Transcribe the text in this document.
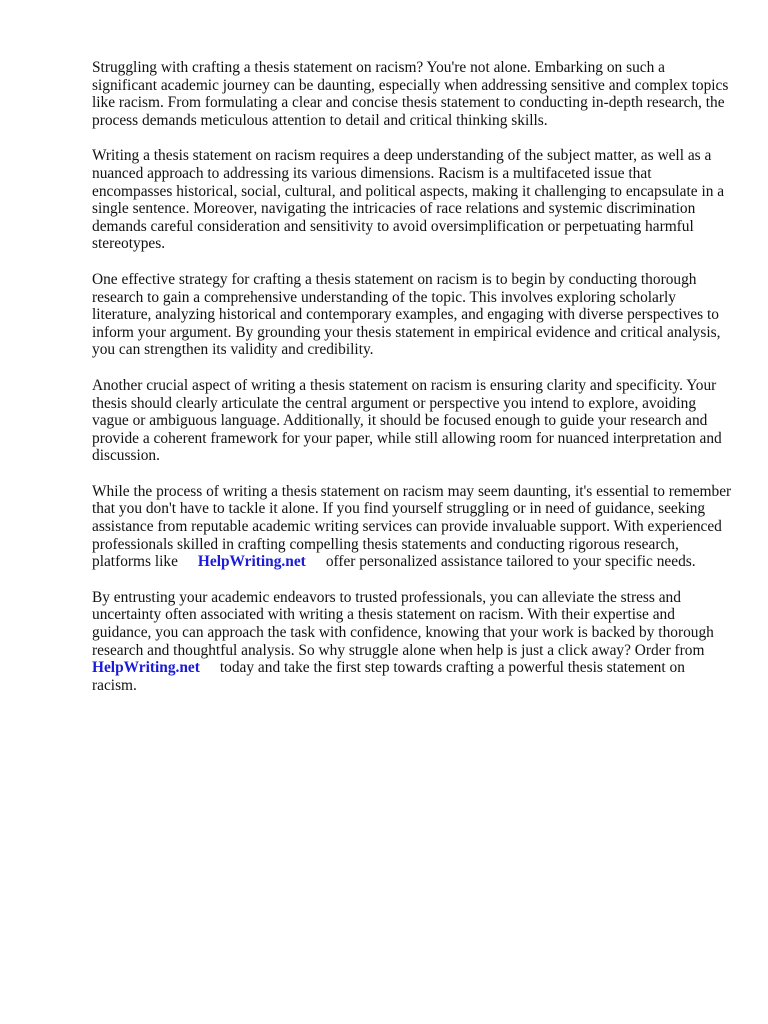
Struggling with crafting a thesis statement on racism? You're not alone. Embarking on such a significant academic journey can be daunting, especially when addressing sensitive and complex topics like racism. From formulating a clear and concise thesis statement to conducting in-depth research, the process demands meticulous attention to detail and critical thinking skills.

Writing a thesis statement on racism requires a deep understanding of the subject matter, as well as a nuanced approach to addressing its various dimensions. Racism is a multifaceted issue that encompasses historical, social, cultural, and political aspects, making it challenging to encapsulate in a single sentence. Moreover, navigating the intricacies of race relations and systemic discrimination demands careful consideration and sensitivity to avoid oversimplification or perpetuating harmful stereotypes.

One effective strategy for crafting a thesis statement on racism is to begin by conducting thorough research to gain a comprehensive understanding of the topic. This involves exploring scholarly literature, analyzing historical and contemporary examples, and engaging with diverse perspectives to inform your argument. By grounding your thesis statement in empirical evidence and critical analysis, you can strengthen its validity and credibility.

Another crucial aspect of writing a thesis statement on racism is ensuring clarity and specificity. Your thesis should clearly articulate the central argument or perspective you intend to explore, avoiding vague or ambiguous language. Additionally, it should be focused enough to guide your research and provide a coherent framework for your paper, while still allowing room for nuanced interpretation and discussion.

While the process of writing a thesis statement on racism may seem daunting, it's essential to remember that you don't have to tackle it alone. If you find yourself struggling or in need of guidance, seeking assistance from reputable academic writing services can provide invaluable support. With experienced professionals skilled in crafting compelling thesis statements and conducting rigorous research, platforms like HelpWriting.net offer personalized assistance tailored to your specific needs.

By entrusting your academic endeavors to trusted professionals, you can alleviate the stress and uncertainty often associated with writing a thesis statement on racism. With their expertise and guidance, you can approach the task with confidence, knowing that your work is backed by thorough research and thoughtful analysis. So why struggle alone when help is just a click away? Order from HelpWriting.net today and take the first step towards crafting a powerful thesis statement on racism.
